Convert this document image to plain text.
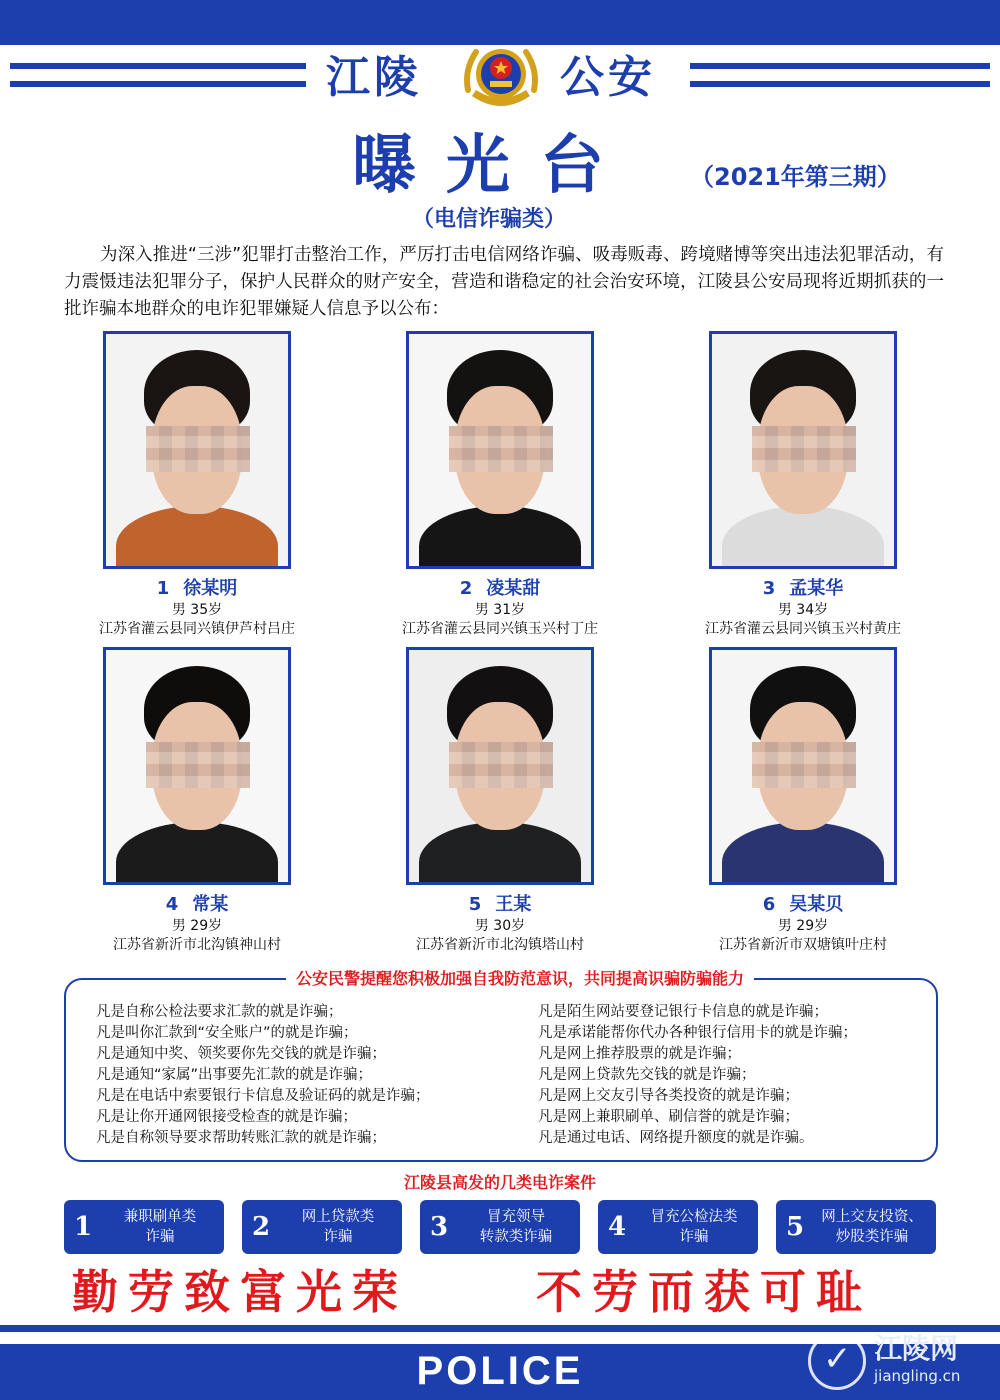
江陵	公安
曝光台 （2021年第三期）
（电信诈骗类）
为深入推进“三涉”犯罪打击整治工作，严厉打击电信网络诈骗、吸毒贩毒、跨境赌博等突出违法犯罪活动，有力震慑违法犯罪分子，保护人民群众的财产安全，营造和谐稳定的社会治安环境，江陵县公安局现将近期抓获的一批诈骗本地群众的电诈犯罪嫌疑人信息予以公布：
1 徐某明
男 35岁
江苏省灌云县同兴镇伊芦村吕庄
2 凌某甜
男 31岁
江苏省灌云县同兴镇玉兴村丁庄
3 孟某华
男 34岁
江苏省灌云县同兴镇玉兴村黄庄
4 常某
男 29岁
江苏省新沂市北沟镇神山村
5 王某
男 30岁
江苏省新沂市北沟镇塔山村
6 吴某贝
男 29岁
江苏省新沂市双塘镇叶庄村
公安民警提醒您积极加强自我防范意识，共同提高识骗防骗能力
凡是自称公检法要求汇款的就是诈骗；
凡是叫你汇款到“安全账户”的就是诈骗；
凡是通知中奖、领奖要你先交钱的就是诈骗；
凡是通知“家属”出事要先汇款的就是诈骗；
凡是在电话中索要银行卡信息及验证码的就是诈骗；
凡是让你开通网银接受检查的就是诈骗；
凡是自称领导要求帮助转账汇款的就是诈骗；
凡是陌生网站要登记银行卡信息的就是诈骗；
凡是承诺能帮你代办各种银行信用卡的就是诈骗；
凡是网上推荐股票的就是诈骗；
凡是网上贷款先交钱的就是诈骗；
凡是网上交友引导各类投资的就是诈骗；
凡是网上兼职刷单、刷信誉的就是诈骗；
凡是通过电话、网络提升额度的就是诈骗。
江陵县高发的几类电诈案件
1	兼职刷单类
诈骗	2	网上贷款类
诈骗	3	冒充领导
转款类诈骗	4	冒充公检法类
诈骗	5	网上交友投资、
炒股类诈骗
勤劳致富光荣	不劳而获可耻
POLICE
✓
江陵网
jiangling.cn
